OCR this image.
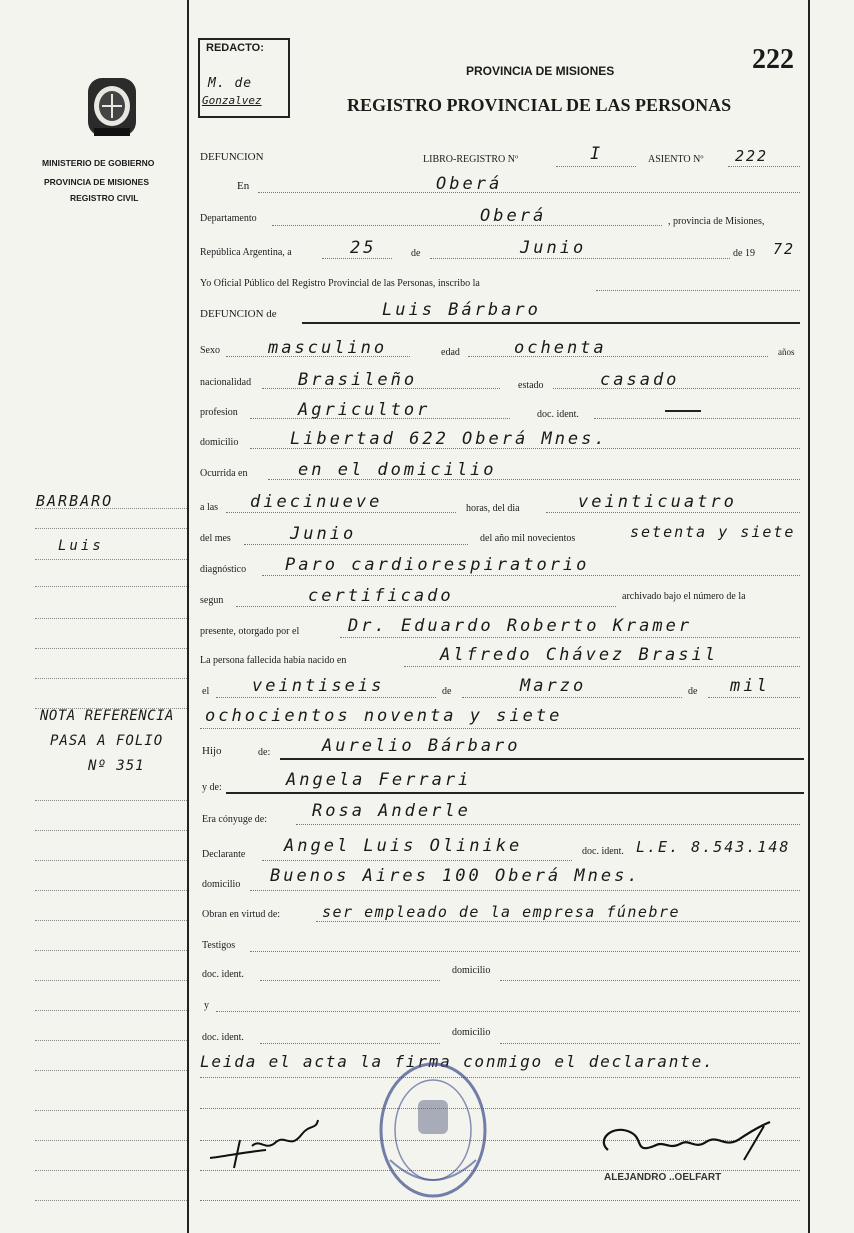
REDACTO:
M. de
Gonzalvez
PROVINCIA DE MISIONES
REGISTRO PROVINCIAL DE LAS PERSONAS
222
MINISTERIO DE GOBIERNO
PROVINCIA DE MISIONES
REGISTRO CIVIL
DEFUNCION	LIBRO-REGISTRO Nº	I	ASIENTO Nº 222
En	Oberá
Departamento	Oberá	, provincia de Misiones,
República Argentina, a	25	de	Junio	de 19 72
Yo Oficial Público del Registro Provincial de las Personas, inscribo la
DEFUNCION de	Luis Bárbaro
Sexo	masculino	edad	ochenta	años
nacionalidad	Brasileño	estado	casado
profesion	Agricultor	doc. ident.
domicilio	Libertad 622 Oberá Mnes.
Ocurrida en	en el domicilio
a las diecinueve	horas, del dia	veinticuatro
del mes	Junio	del año mil novecientos	setenta y siete
diagnóstico Paro cardiorespiratorio
segun	certificado	archivado bajo el número de la
presente, otorgado por el	Dr. Eduardo Roberto Kramer
La persona fallecida había nacido en	Alfredo Chávez Brasil
el	veintiseis	de	Marzo	de mil
ochocientos noventa y siete
Hijo	de:	Aurelio Bárbaro
y de:	Angela Ferrari
Era cónyuge de:	Rosa Anderle
Declarante Angel Luis Olinike	doc. ident. L.E. 8.543.148
domicilio Buenos Aires 100 Oberá Mnes.
Obran en virtud de:	ser empleado de la empresa fúnebre
Testigos
doc. ident.	domicilio
y
doc. ident.	domicilio
Leida el acta la firma conmigo el declarante.
ALEJANDRO ..OELFART
BARBARO
Luis
NOTA REFERENCIA
PASA A FOLIO
Nº 351
